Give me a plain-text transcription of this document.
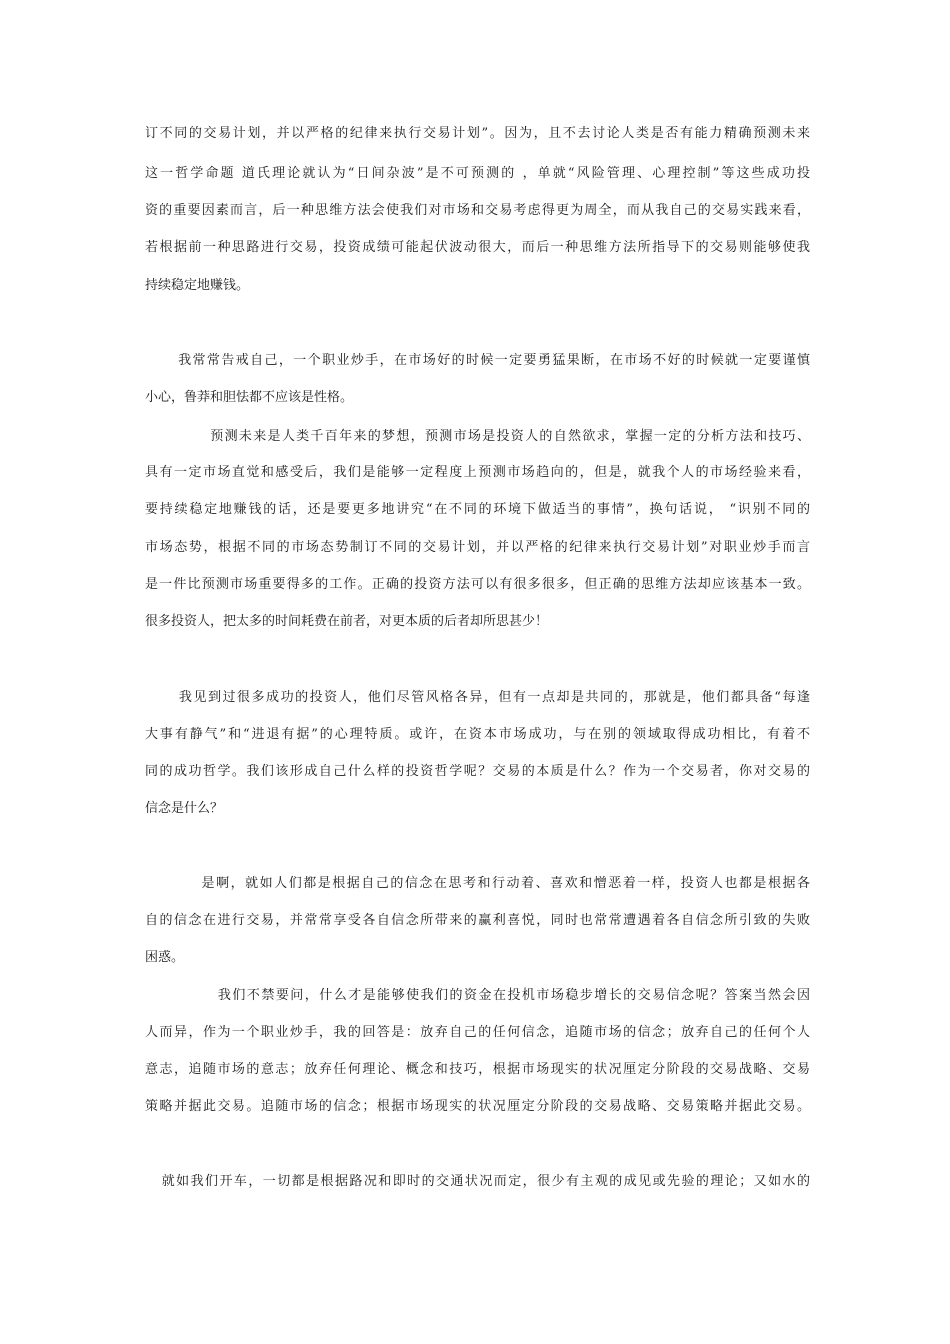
订不同的交易计划，并以严格的纪律来执行交易计划”。因为，且不去讨论人类是否有能力精确预测未来
这一哲学命题 道氏理论就认为“日间杂波”是不可预测的 ，单就“风险管理、心理控制”等这些成功投
资的重要因素而言，后一种思维方法会使我们对市场和交易考虑得更为周全，而从我自己的交易实践来看，
若根据前一种思路进行交易，投资成绩可能起伏波动很大，而后一种思维方法所指导下的交易则能够使我
持续稳定地赚钱。
我常常告戒自己，一个职业炒手，在市场好的时候一定要勇猛果断，在市场不好的时候就一定要谨慎
小心，鲁莽和胆怯都不应该是性格。
预测未来是人类千百年来的梦想，预测市场是投资人的自然欲求，掌握一定的分析方法和技巧、
具有一定市场直觉和感受后，我们是能够一定程度上预测市场趋向的，但是，就我个人的市场经验来看，
要持续稳定地赚钱的话，还是要更多地讲究“在不同的环境下做适当的事情”，换句话说， “识别不同的
市场态势，根据不同的市场态势制订不同的交易计划，并以严格的纪律来执行交易计划”对职业炒手而言
是一件比预测市场重要得多的工作。正确的投资方法可以有很多很多，但正确的思维方法却应该基本一致。
很多投资人，把太多的时间耗费在前者，对更本质的后者却所思甚少！
我见到过很多成功的投资人，他们尽管风格各异，但有一点却是共同的，那就是，他们都具备“每逢
大事有静气”和“进退有据”的心理特质。或许，在资本市场成功，与在别的领域取得成功相比，有着不
同的成功哲学。我们该形成自己什么样的投资哲学呢？交易的本质是什么？作为一个交易者，你对交易的
信念是什么？
是啊，就如人们都是根据自己的信念在思考和行动着、喜欢和憎恶着一样，投资人也都是根据各
自的信念在进行交易，并常常享受各自信念所带来的赢利喜悦，同时也常常遭遇着各自信念所引致的失败
困惑。
我们不禁要问，什么才是能够使我们的资金在投机市场稳步增长的交易信念呢？答案当然会因
人而异，作为一个职业炒手，我的回答是：放弃自己的任何信念，追随市场的信念；放弃自己的任何个人
意志，追随市场的意志；放弃任何理论、概念和技巧，根据市场现实的状况厘定分阶段的交易战略、交易
策略并据此交易。追随市场的信念；根据市场现实的状况厘定分阶段的交易战略、交易策略并据此交易。
就如我们开车，一切都是根据路况和即时的交通状况而定，很少有主观的成见或先验的理论；又如水的
